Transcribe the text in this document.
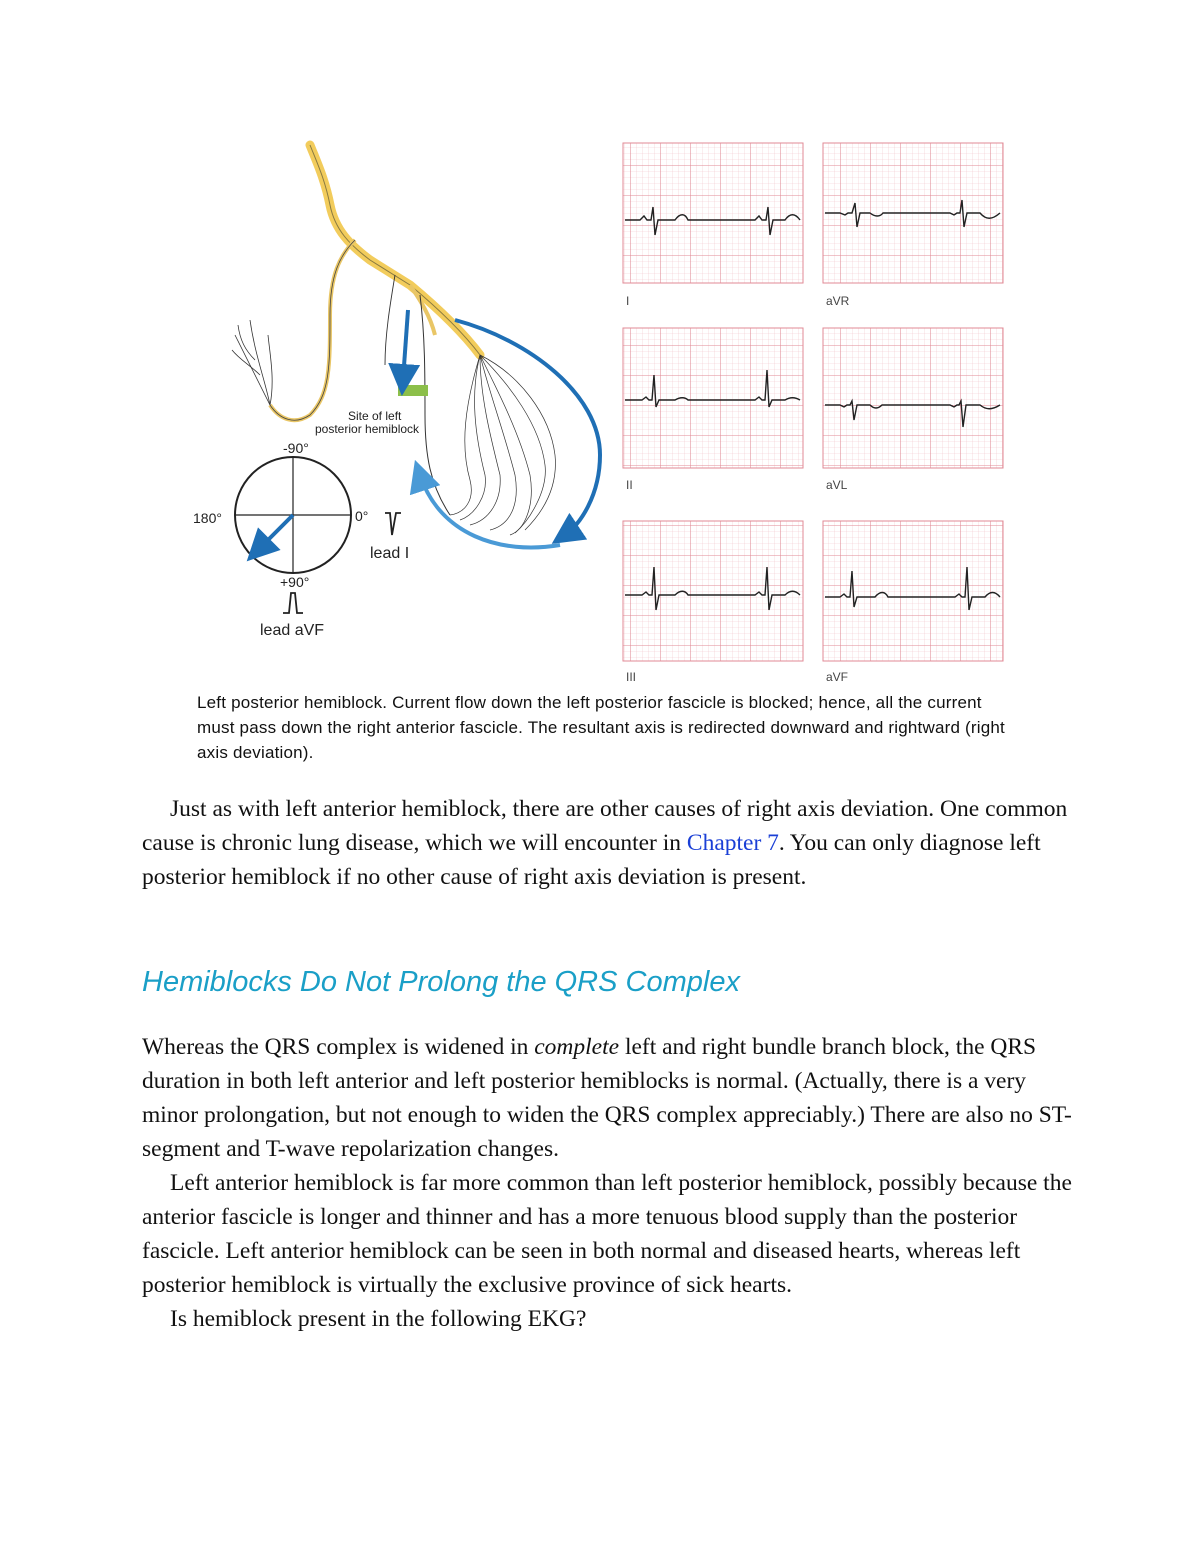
Site of left
posterior hemiblock
-90°
180°	0°
+90°
lead I
lead aVF
I	aVR
II	aVL
III	aVF
Left posterior hemiblock. Current flow down the left posterior fascicle is blocked; hence, all the current must pass down the right anterior fascicle. The resultant axis is redirected downward and rightward (right axis deviation).

Just as with left anterior hemiblock, there are other causes of right axis deviation. One common cause is chronic lung disease, which we will encounter in Chapter 7. You can only diagnose left posterior hemiblock if no other cause of right axis deviation is present.

Hemiblocks Do Not Prolong the QRS Complex

Whereas the QRS complex is widened in complete left and right bundle branch block, the QRS duration in both left anterior and left posterior hemiblocks is normal. (Actually, there is a very minor prolongation, but not enough to widen the QRS complex appreciably.) There are also no ST-segment and T-wave repolarization changes.

Left anterior hemiblock is far more common than left posterior hemiblock, possibly because the anterior fascicle is longer and thinner and has a more tenuous blood supply than the posterior fascicle. Left anterior hemiblock can be seen in both normal and diseased hearts, whereas left posterior hemiblock is virtually the exclusive province of sick hearts.

Is hemiblock present in the following EKG?
